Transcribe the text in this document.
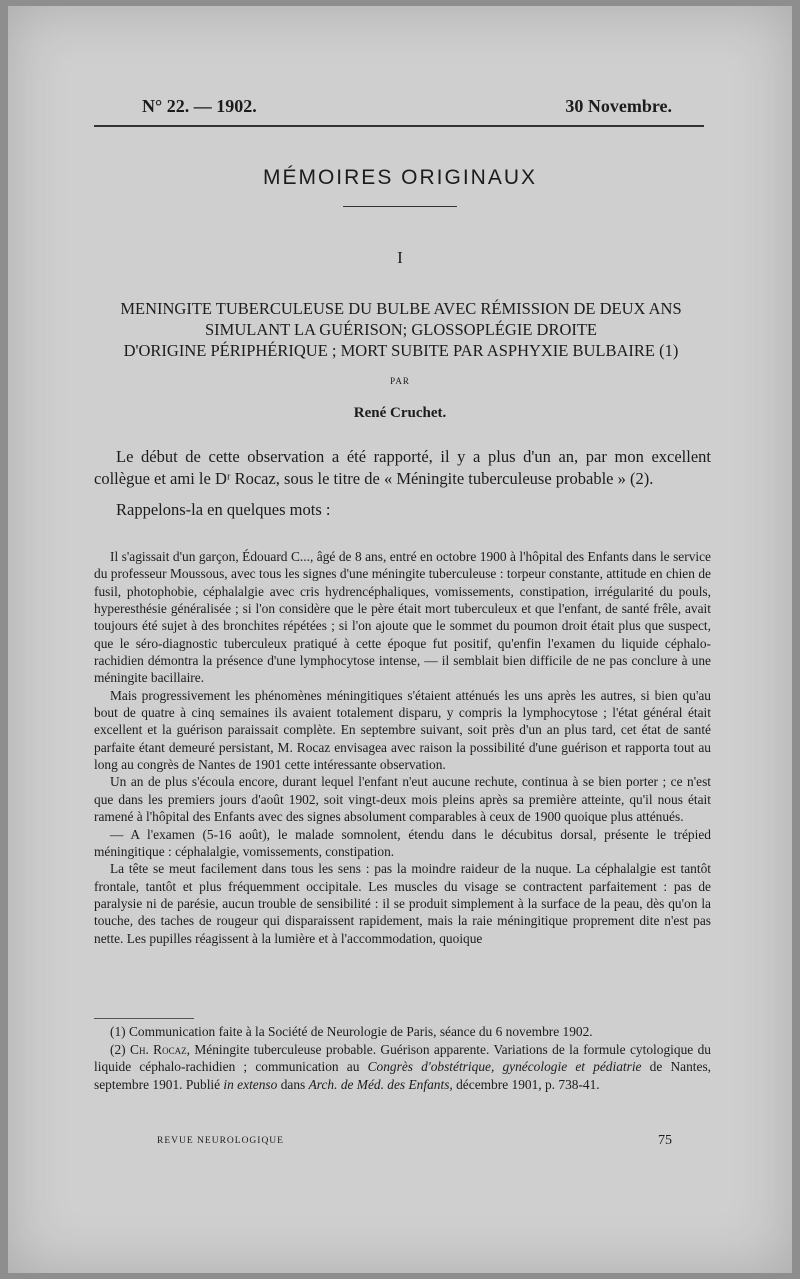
N° 22. — 1902.	30 Novembre.
MÉMOIRES ORIGINAUX
I
MENINGITE TUBERCULEUSE DU BULBE AVEC RÉMISSION DE DEUX ANS
SIMULANT LA GUÉRISON; GLOSSOPLÉGIE DROITE
D'ORIGINE PÉRIPHÉRIQUE ; MORT SUBITE PAR ASPHYXIE BULBAIRE (1)
PAR
René Cruchet.

Le début de cette observation a été rapporté, il y a plus d'un an, par mon excellent collègue et ami le Dʳ Rocaz, sous le titre de « Méningite tuberculeuse probable » (2).

Rappelons-la en quelques mots :

Il s'agissait d'un garçon, Édouard C..., âgé de 8 ans, entré en octobre 1900 à l'hôpital des Enfants dans le service du professeur Moussous, avec tous les signes d'une méningite tuberculeuse : torpeur constante, attitude en chien de fusil, photophobie, céphalalgie avec cris hydrencéphaliques, vomissements, constipation, irrégularité du pouls, hyperesthésie généralisée ; si l'on considère que le père était mort tuberculeux et que l'enfant, de santé frêle, avait toujours été sujet à des bronchites répétées ; si l'on ajoute que le sommet du poumon droit était plus que suspect, que le séro-diagnostic tuberculeux pratiqué à cette époque fut positif, qu'enfin l'examen du liquide céphalo-rachidien démontra la présence d'une lymphocytose intense, — il semblait bien difficile de ne pas conclure à une méningite bacillaire.

Mais progressivement les phénomènes méningitiques s'étaient atténués les uns après les autres, si bien qu'au bout de quatre à cinq semaines ils avaient totalement disparu, y compris la lymphocytose ; l'état général était excellent et la guérison paraissait complète. En septembre suivant, soit près d'un an plus tard, cet état de santé parfaite étant demeuré persistant, M. Rocaz envisagea avec raison la possibilité d'une guérison et rapporta tout au long au congrès de Nantes de 1901 cette intéressante observation.

Un an de plus s'écoula encore, durant lequel l'enfant n'eut aucune rechute, continua à se bien porter ; ce n'est que dans les premiers jours d'août 1902, soit vingt-deux mois pleins après sa première atteinte, qu'il nous était ramené à l'hôpital des Enfants avec des signes absolument comparables à ceux de 1900 quoique plus atténués.

— A l'examen (5-16 août), le malade somnolent, étendu dans le décubitus dorsal, présente le trépied méningitique : céphalalgie, vomissements, constipation.

La tête se meut facilement dans tous les sens : pas la moindre raideur de la nuque. La céphalalgie est tantôt frontale, tantôt et plus fréquemment occipitale. Les muscles du visage se contractent parfaitement : pas de paralysie ni de parésie, aucun trouble de sensibilité : il se produit simplement à la surface de la peau, dès qu'on la touche, des taches de rougeur qui disparaissent rapidement, mais la raie méningitique proprement dite n'est pas nette. Les pupilles réagissent à la lumière et à l'accommodation, quoique

(1) Communication faite à la Société de Neurologie de Paris, séance du 6 novembre 1902.

(2) Ch. Rocaz, Méningite tuberculeuse probable. Guérison apparente. Variations de la formule cytologique du liquide céphalo-rachidien ; communication au Congrès d'obstétrique, gynécologie et pédiatrie de Nantes, septembre 1901. Publié in extenso dans Arch. de Méd. des Enfants, décembre 1901, p. 738-41.

REVUE NEUROLOGIQUE	75
